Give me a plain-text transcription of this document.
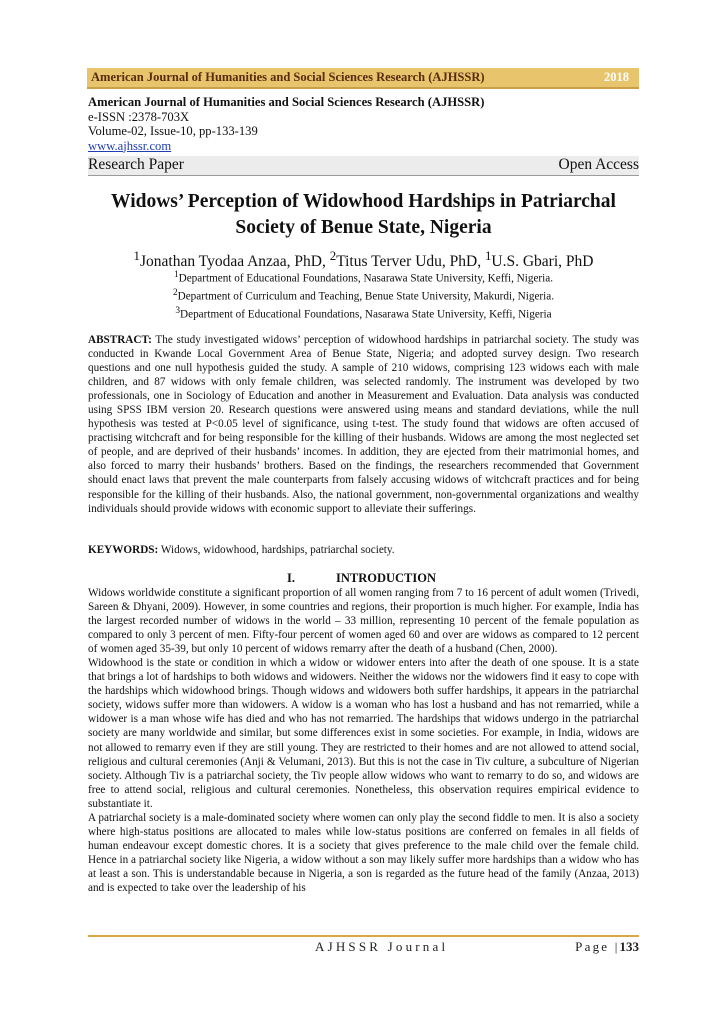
American Journal of Humanities and Social Sciences Research (AJHSSR)	2018
American Journal of Humanities and Social Sciences Research (AJHSSR)
e-ISSN :2378-703X
Volume-02, Issue-10, pp-133-139
www.ajhssr.com
Research Paper	Open Access
Widows’ Perception of Widowhood Hardships in Patriarchal
Society of Benue State, Nigeria
$^1$Jonathan Tyodaa Anzaa, PhD, $^2$Titus Terver Udu, PhD, $^1$U.S. Gbari, PhD
$^1$Department of Educational Foundations, Nasarawa State University, Keffi, Nigeria.
$^2$Department of Curriculum and Teaching, Benue State University, Makurdi, Nigeria.
$^3$Department of Educational Foundations, Nasarawa State University, Keffi, Nigeria
ABSTRACT: The study investigated widows’ perception of widowhood hardships in patriarchal society. The study was conducted in Kwande Local Government Area of Benue State, Nigeria; and adopted survey design. Two research questions and one null hypothesis guided the study. A sample of 210 widows, comprising 123 widows each with male children, and 87 widows with only female children, was selected randomly. The instrument was developed by two professionals, one in Sociology of Education and another in Measurement and Evaluation. Data analysis was conducted using SPSS IBM version 20. Research questions were answered using means and standard deviations, while the null hypothesis was tested at P<0.05 level of significance, using t-test. The study found that widows are often accused of practising witchcraft and for being responsible for the killing of their husbands. Widows are among the most neglected set of people, and are deprived of their husbands’ incomes. In addition, they are ejected from their matrimonial homes, and also forced to marry their husbands’ brothers. Based on the findings, the researchers recommended that Government should enact laws that prevent the male counterparts from falsely accusing widows of witchcraft practices and for being responsible for the killing of their husbands. Also, the national government, non-governmental organizations and wealthy individuals should provide widows with economic support to alleviate their sufferings.
KEYWORDS: Widows, widowhood, hardships, patriarchal society.
I.	INTRODUCTION

Widows worldwide constitute a significant proportion of all women ranging from 7 to 16 percent of adult women (Trivedi, Sareen & Dhyani, 2009). However, in some countries and regions, their proportion is much higher. For example, India has the largest recorded number of widows in the world – 33 million, representing 10 percent of the female population as compared to only 3 percent of men. Fifty-four percent of women aged 60 and over are widows as compared to 12 percent of women aged 35-39, but only 10 percent of widows remarry after the death of a husband (Chen, 2000).

Widowhood is the state or condition in which a widow or widower enters into after the death of one spouse. It is a state that brings a lot of hardships to both widows and widowers. Neither the widows nor the widowers find it easy to cope with the hardships which widowhood brings. Though widows and widowers both suffer hardships, it appears in the patriarchal society, widows suffer more than widowers. A widow is a woman who has lost a husband and has not remarried, while a widower is a man whose wife has died and who has not remarried. The hardships that widows undergo in the patriarchal society are many worldwide and similar, but some differences exist in some societies. For example, in India, widows are not allowed to remarry even if they are still young. They are restricted to their homes and are not allowed to attend social, religious and cultural ceremonies (Anji & Velumani, 2013). But this is not the case in Tiv culture, a subculture of Nigerian society. Although Tiv is a patriarchal society, the Tiv people allow widows who want to remarry to do so, and widows are free to attend social, religious and cultural ceremonies. Nonetheless, this observation requires empirical evidence to substantiate it.

A patriarchal society is a male-dominated society where women can only play the second fiddle to men. It is also a society where high-status positions are allocated to males while low-status positions are conferred on females in all fields of human endeavour except domestic chores. It is a society that gives preference to the male child over the female child. Hence in a patriarchal society like Nigeria, a widow without a son may likely suffer more hardships than a widow who has at least a son. This is understandable because in Nigeria, a son is regarded as the future head of the family (Anzaa, 2013) and is expected to take over the leadership of his

AJHSSR Journal	Page |133
